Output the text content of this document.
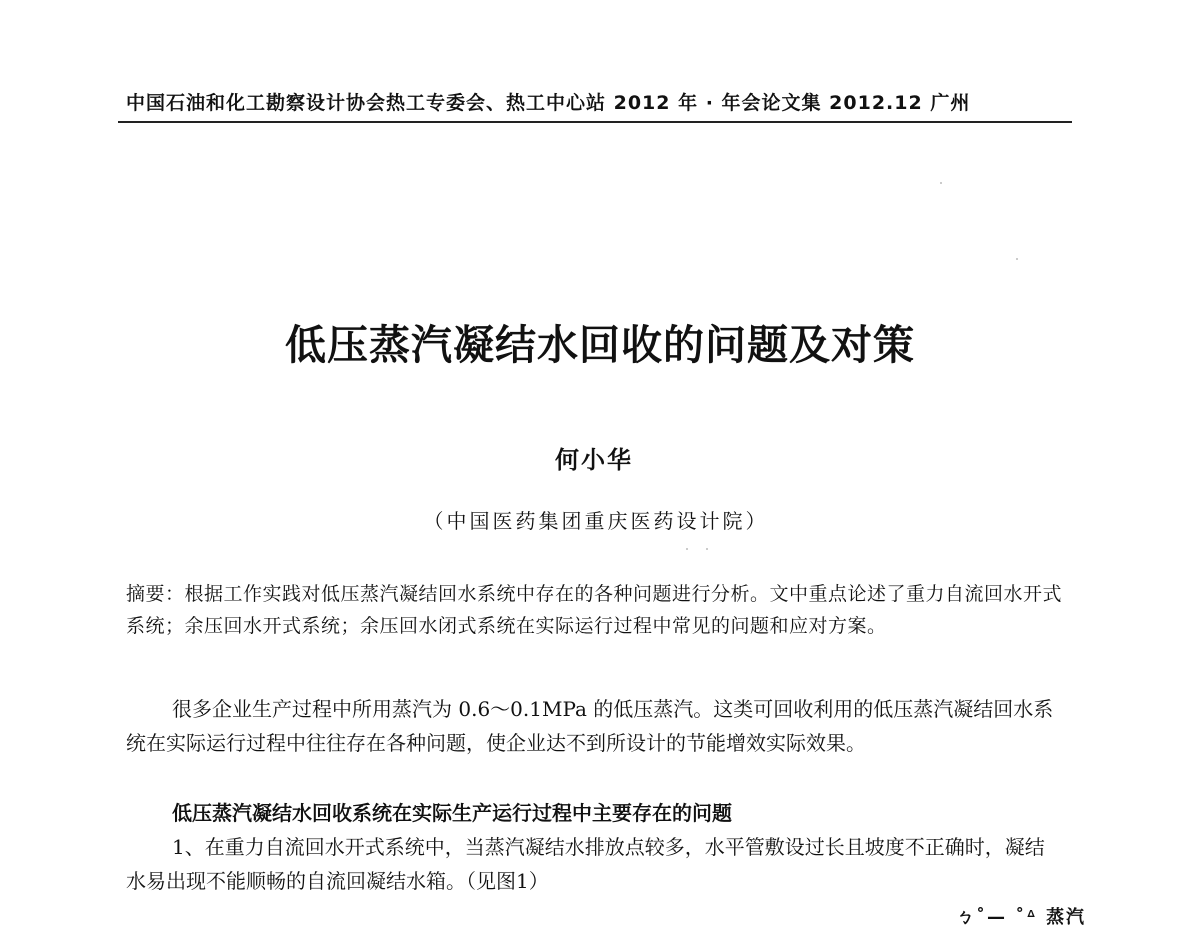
中国石油和化工勘察设计协会热工专委会、热工中心站 2012 年 · 年会论文集 2012.12 广州
低压蒸汽凝结水回收的问题及对策
何小华
（中国医药集团重庆医药设计院）
摘要：根据工作实践对低压蒸汽凝结回水系统中存在的各种问题进行分析。文中重点论述了重力自流回水开式系统；余压回水开式系统；余压回水闭式系统在实际运行过程中常见的问题和应对方案。
很多企业生产过程中所用蒸汽为 0.6～0.1MPa 的低压蒸汽。这类可回收利用的低压蒸汽凝结回水系统在实际运行过程中往往存在各种问题，使企业达不到所设计的节能增效实际效果。
低压蒸汽凝结水回收系统在实际生产运行过程中主要存在的问题
1、在重力自流回水开式系统中，当蒸汽凝结水排放点较多，水平管敷设过长且坡度不正确时，凝结水易出现不能顺畅的自流回凝结水箱。（见图1）
ㄅ˚— ˚ᐞ 蒸汽
